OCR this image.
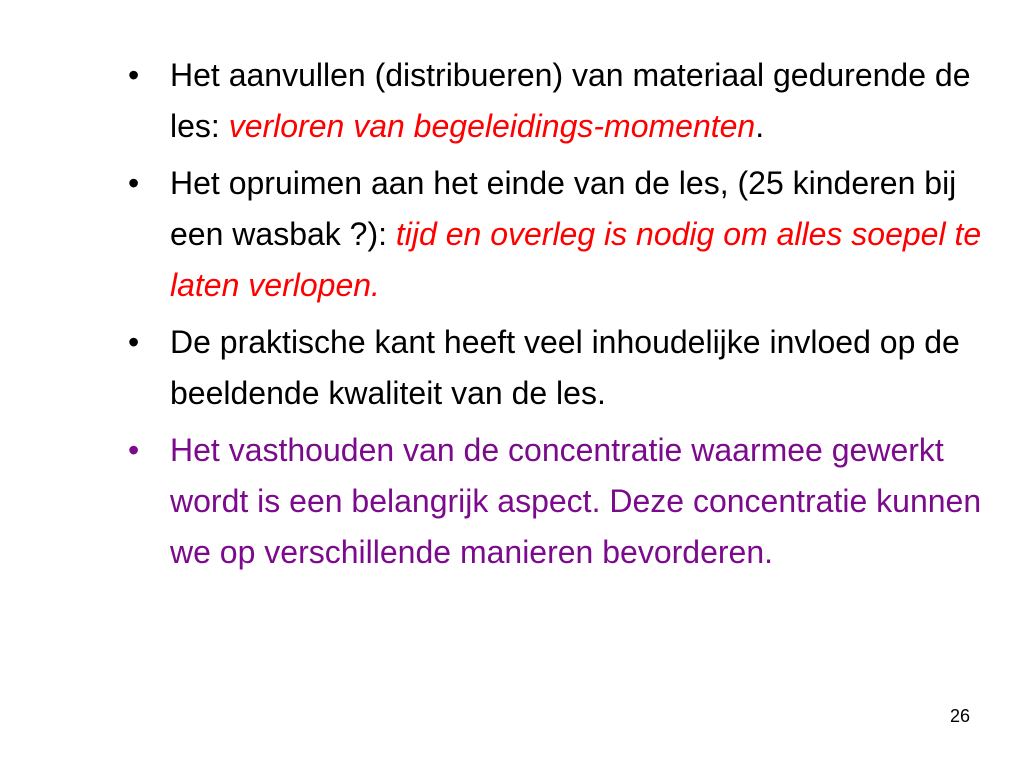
• Het aanvullen (distribueren) van materiaal gedurende de les: verloren van begeleidings-momenten.
• Het opruimen aan het einde van de les, (25 kinderen bij een wasbak ?): tijd en overleg is nodig om alles soepel te laten verlopen.
• De praktische kant heeft veel inhoudelijke invloed op de beeldende kwaliteit van de les.
• Het vasthouden van de concentratie waarmee gewerkt wordt is een belangrijk aspect. Deze concentratie kunnen we op verschillende manieren bevorderen.
26
